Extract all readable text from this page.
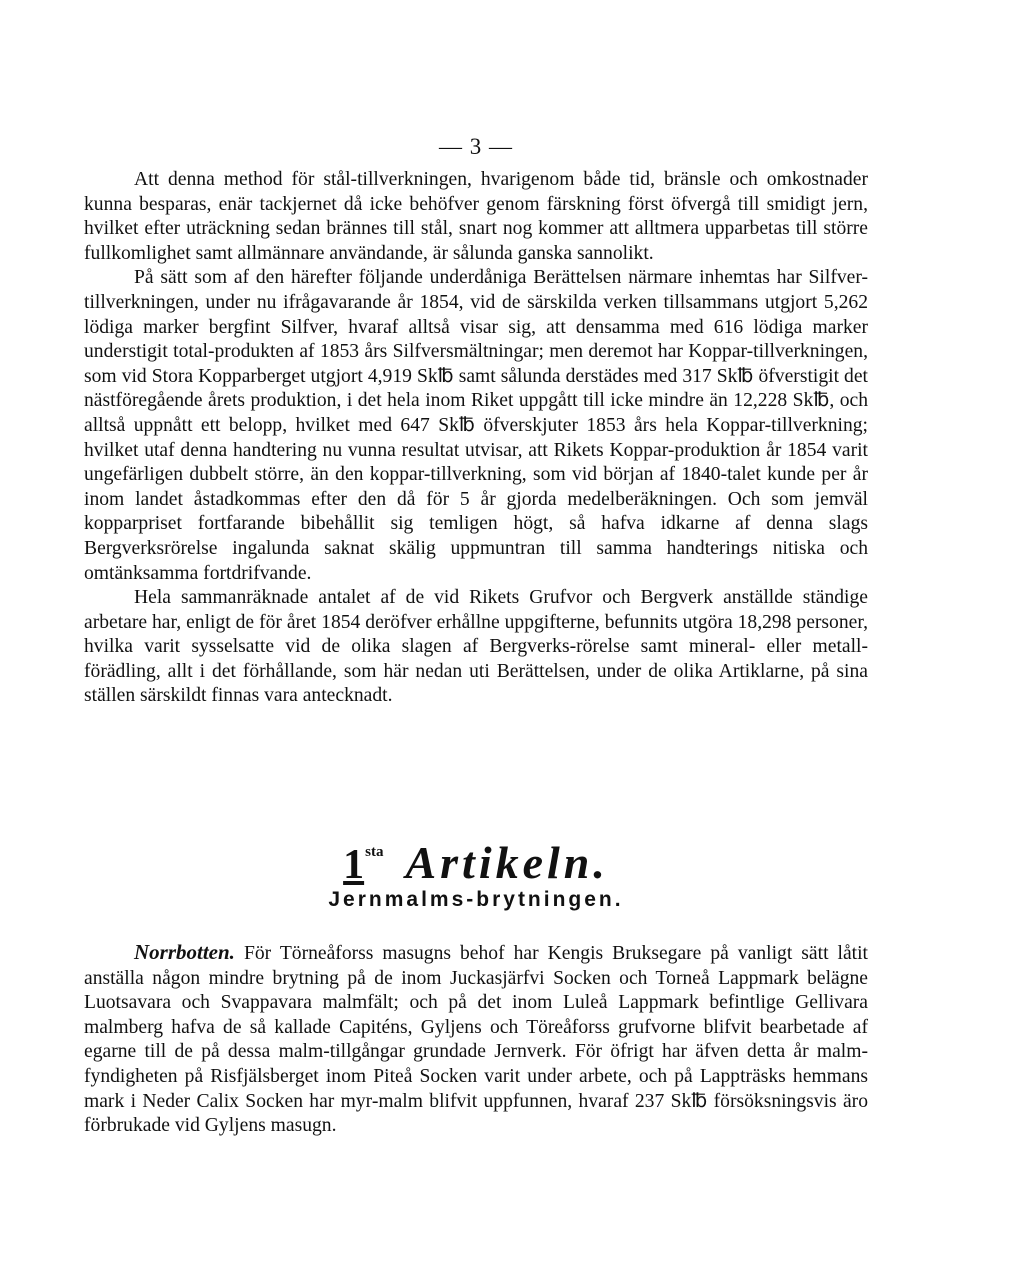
— 3 —

Att denna method för stål-tillverkningen, hvarigenom både tid, bränsle och omkostnader kunna besparas, enär tackjernet då icke behöfver genom färskning först öfvergå till smidigt jern, hvilket efter uträckning sedan brännes till stål, snart nog kommer att alltmera upparbetas till större fullkomlighet samt allmännare användande, är sålunda ganska sannolikt.

På sätt som af den härefter följande underdåniga Berättelsen närmare inhemtas har Silfver-tillverkningen, under nu ifrågavarande år 1854, vid de särskilda verken tillsammans utgjort 5,262 lödiga marker bergfint Silfver, hvaraf alltså visar sig, att densamma med 616 lödiga marker understigit total-produkten af 1853 års Silfversmältningar; men deremot har Koppar-tillverkningen, som vid Stora Kopparberget utgjort 4,919 Sk℔ samt sålunda derstädes med 317 Sk℔ öfverstigit det nästföregående årets produktion, i det hela inom Riket uppgått till icke mindre än 12,228 Sk℔, och alltså uppnått ett belopp, hvilket med 647 Sk℔ öfverskjuter 1853 års hela Koppar-tillverkning; hvilket utaf denna handtering nu vunna resultat utvisar, att Rikets Koppar-produktion år 1854 varit ungefärligen dubbelt större, än den koppar-tillverkning, som vid början af 1840-talet kunde per år inom landet åstadkommas efter den då för 5 år gjorda medelberäkningen. Och som jemväl kopparpriset fortfarande bibehållit sig temligen högt, så hafva idkarne af denna slags Bergverksrörelse ingalunda saknat skälig uppmuntran till samma handterings nitiska och omtänksamma fortdrifvande.

Hela sammanräknade antalet af de vid Rikets Grufvor och Bergverk anställde ständige arbetare har, enligt de för året 1854 deröfver erhållne uppgifterne, befunnits utgöra 18,298 personer, hvilka varit sysselsatte vid de olika slagen af Bergverks-rörelse samt mineral- eller metall-förädling, allt i det förhållande, som här nedan uti Berättelsen, under de olika Artiklarne, på sina ställen särskildt finnas vara antecknadt.

1sta Artikeln.
Jernmalms-brytningen.

Norrbotten. För Törneåforss masugns behof har Kengis Bruksegare på vanligt sätt låtit anställa någon mindre brytning på de inom Juckasjärfvi Socken och Torneå Lappmark belägne Luotsavara och Svappavara malmfält; och på det inom Luleå Lappmark befintlige Gellivara malmberg hafva de så kallade Capiténs, Gyljens och Töreåforss grufvorne blifvit bearbetade af egarne till de på dessa malm-tillgångar grundade Jernverk. För öfrigt har äfven detta år malm-fyndigheten på Risfjälsberget inom Piteå Socken varit under arbete, och på Lappträsks hemmans mark i Neder Calix Socken har myr-malm blifvit uppfunnen, hvaraf 237 Sk℔ försöksningsvis äro förbrukade vid Gyljens masugn.
